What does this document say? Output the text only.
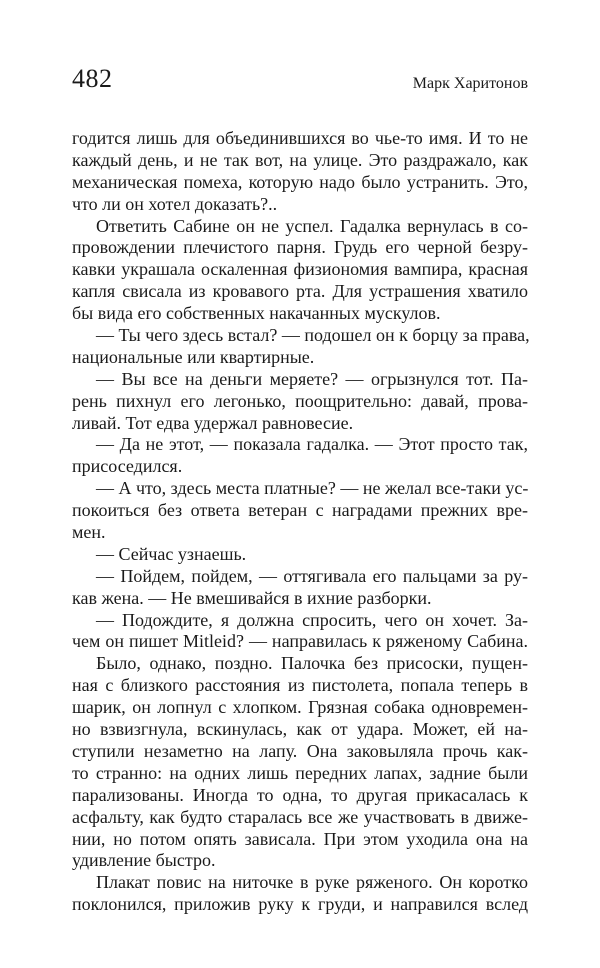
482	Марк Харитонов
годится лишь для объединившихся во чье-то имя. И то не
каждый день, и не так вот, на улице. Это раздражало, как
механическая помеха, которую надо было устранить. Это,
что ли он хотел доказать?..
Ответить Сабине он не успел. Гадалка вернулась в со-
провождении плечистого парня. Грудь его черной безру-
кавки украшала оскаленная физиономия вампира, красная
капля свисала из кровавого рта. Для устрашения хватило
бы вида его собственных накачанных мускулов.
— Ты чего здесь встал? — подошел он к борцу за права,
национальные или квартирные.
— Вы все на деньги меряете? — огрызнулся тот. Па-
рень пихнул его легонько, поощрительно: давай, прова-
ливай. Тот едва удержал равновесие.
— Да не этот, — показала гадалка. — Этот просто так,
присоседился.
— А что, здесь места платные? — не желал все-таки ус-
покоиться без ответа ветеран с наградами прежних вре-
мен.
— Сейчас узнаешь.
— Пойдем, пойдем, — оттягивала его пальцами за ру-
кав жена. — Не вмешивайся в ихние разборки.
— Подождите, я должна спросить, чего он хочет. За-
чем он пишет Mitleid? — направилась к ряженому Сабина.
Было, однако, поздно. Палочка без присоски, пущен-
ная с близкого расстояния из пистолета, попала теперь в
шарик, он лопнул с хлопком. Грязная собака одновремен-
но взвизгнула, вскинулась, как от удара. Может, ей на-
ступили незаметно на лапу. Она заковыляла прочь как-
то странно: на одних лишь передних лапах, задние были
парализованы. Иногда то одна, то другая прикасалась к
асфальту, как будто старалась все же участвовать в движе-
нии, но потом опять зависала. При этом уходила она на
удивление быстро.
Плакат повис на ниточке в руке ряженого. Он коротко
поклонился, приложив руку к груди, и направился вслед
